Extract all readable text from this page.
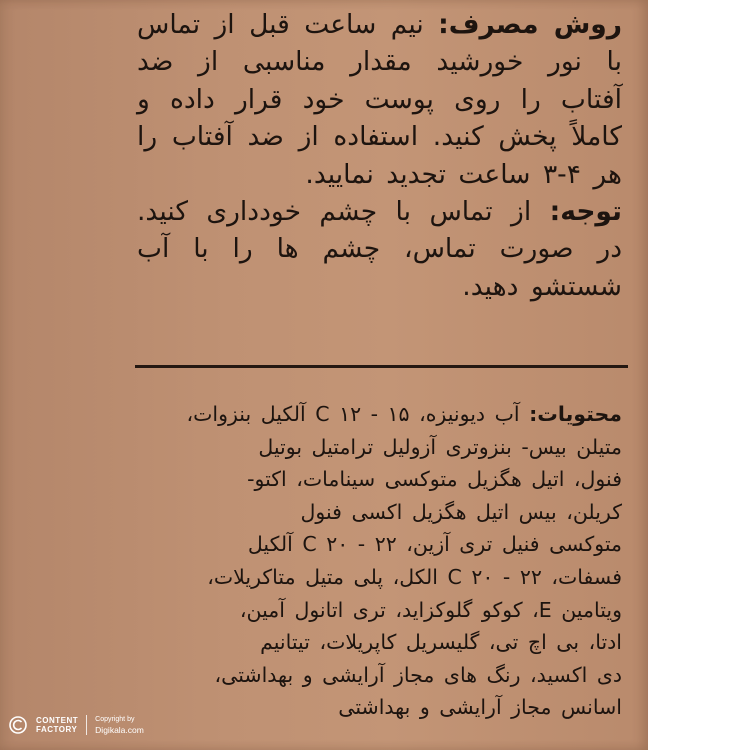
روش مصرف: نیم ساعت قبل از تماس با نور خورشید مقدار مناسبی از ضد آفتاب را روی پوست خود قرار داده و کاملاً پخش کنید. استفاده از ضد آفتاب را هر ۴-۳ ساعت تجدید نمایید.
توجه: از تماس با چشم خودداری کنید. در صورت تماس، چشم ها را با آب شستشو دهید.
محتویات: آب دیونیزه، ۱۵ - ۱۲ C آلکیل بنزوات،
متیلن بیس- بنزوتری آزولیل ترامتیل بوتیل
فنول، اتیل هگزیل متوکسی سینامات، اکتو-
کریلن، بیس اتیل هگزیل اکسی فنول
متوکسی فنیل تری آزین، ۲۲ - ۲۰ C آلکیل
فسفات، ۲۲ - ۲۰ C الکل، پلی متیل متاکریلات،
ویتامین E، کوکو گلوکزاید، تری اتانول آمین،
ادتا، بی اچ تی، گلیسریل کاپریلات، تیتانیم
دی اکسید، رنگ های مجاز آرایشی و بهداشتی،
اسانس مجاز آرایشی و بهداشتی
CONTENT
FACTORY
Copyright by
Digikala.com
